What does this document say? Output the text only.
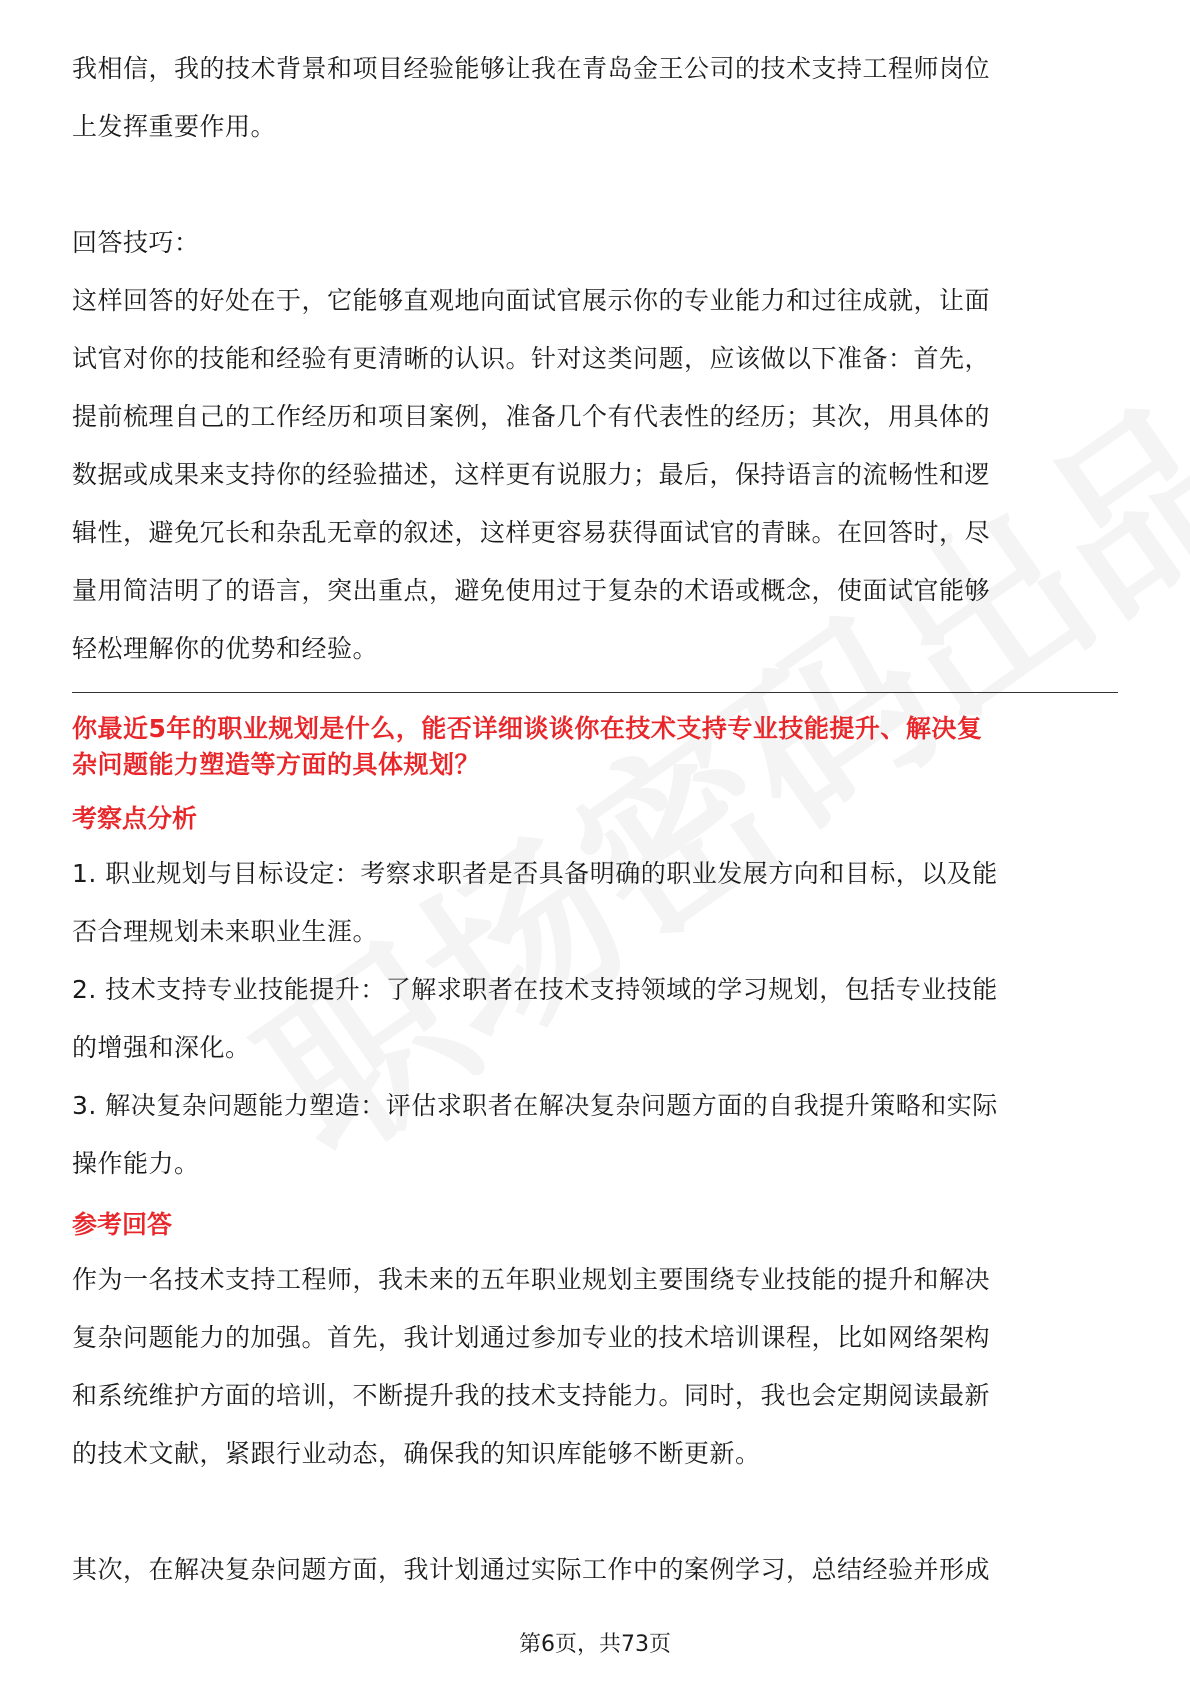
我相信，我的技术背景和项目经验能够让我在青岛金王公司的技术支持工程师岗位

上发挥重要作用。

回答技巧：

这样回答的好处在于，它能够直观地向面试官展示你的专业能力和过往成就，让面

试官对你的技能和经验有更清晰的认识。针对这类问题，应该做以下准备：首先，

提前梳理自己的工作经历和项目案例，准备几个有代表性的经历；其次，用具体的

数据或成果来支持你的经验描述，这样更有说服力；最后，保持语言的流畅性和逻

辑性，避免冗长和杂乱无章的叙述，这样更容易获得面试官的青睐。在回答时，尽

量用简洁明了的语言，突出重点，避免使用过于复杂的术语或概念，使面试官能够

轻松理解你的优势和经验。

你最近5年的职业规划是什么，能否详细谈谈你在技术支持专业技能提升、解决复
杂问题能力塑造等方面的具体规划？

考察点分析

1. 职业规划与目标设定：考察求职者是否具备明确的职业发展方向和目标，以及能

否合理规划未来职业生涯。

2. 技术支持专业技能提升：了解求职者在技术支持领域的学习规划，包括专业技能

的增强和深化。

3. 解决复杂问题能力塑造：评估求职者在解决复杂问题方面的自我提升策略和实际

操作能力。

参考回答

作为一名技术支持工程师，我未来的五年职业规划主要围绕专业技能的提升和解决

复杂问题能力的加强。首先，我计划通过参加专业的技术培训课程，比如网络架构

和系统维护方面的培训，不断提升我的技术支持能力。同时，我也会定期阅读最新

的技术文献，紧跟行业动态，确保我的知识库能够不断更新。

其次，在解决复杂问题方面，我计划通过实际工作中的案例学习，总结经验并形成

第6页，共73页
